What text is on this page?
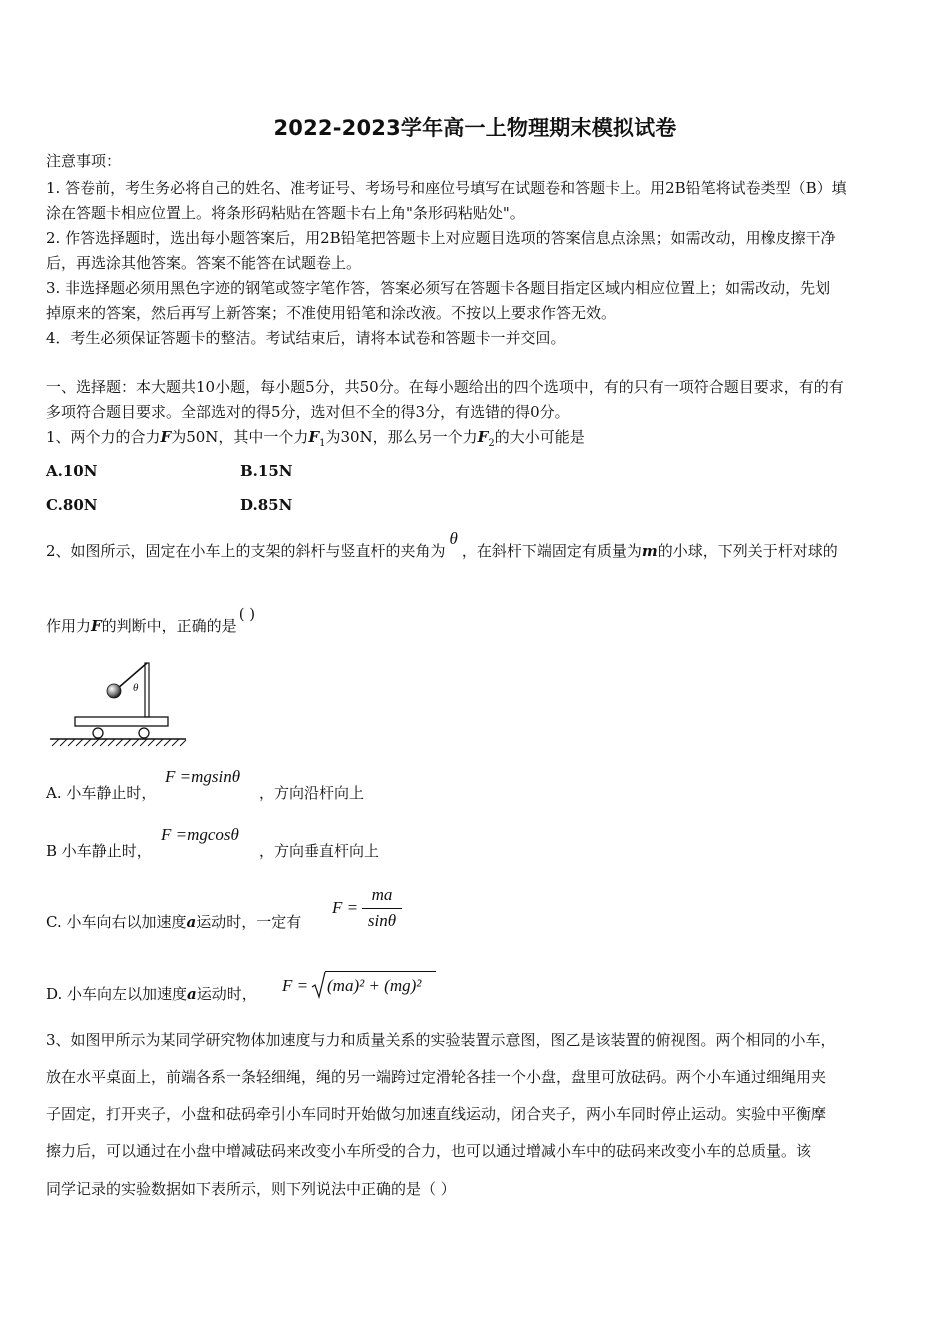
2022-2023学年高一上物理期末模拟试卷
注意事项：
1. 答卷前，考生务必将自己的姓名、准考证号、考场号和座位号填写在试题卷和答题卡上。用2B铅笔将试卷类型（B）填
涂在答题卡相应位置上。将条形码粘贴在答题卡右上角"条形码粘贴处"。
2. 作答选择题时，选出每小题答案后，用2B铅笔把答题卡上对应题目选项的答案信息点涂黑；如需改动，用橡皮擦干净
后，再选涂其他答案。答案不能答在试题卷上。
3. 非选择题必须用黑色字迹的钢笔或签字笔作答，答案必须写在答题卡各题目指定区域内相应位置上；如需改动，先划
掉原来的答案，然后再写上新答案；不准使用铅笔和涂改液。不按以上要求作答无效。
4．考生必须保证答题卡的整洁。考试结束后，请将本试卷和答题卡一并交回。
一、选择题：本大题共10小题，每小题5分，共50分。在每小题给出的四个选项中，有的只有一项符合题目要求，有的有
多项符合题目要求。全部选对的得5分，选对但不全的得3分，有选错的得0分。
1、两个力的合力F为50N，其中一个力$F_1$为30N，那么另一个力$F_2$的大小可能是
A.10N	B.15N
C.80N	D.85N
2、如图所示，固定在小车上的支架的斜杆与竖直杆的夹角为θ，在斜杆下端固定有质量为m的小球，下列关于杆对球的
作用力F的判断中，正确的是( )
θ
A. 小车静止时，
F =mgsinθ
，方向沿杆向上
B 小车静止时，
F =mgcosθ
，方向垂直杆向上
C. 小车向右以加速度a运动时，一定有
F =
ma
sinθ
D. 小车向左以加速度a运动时， F = (ma)² + (mg)²
3、如图甲所示为某同学研究物体加速度与力和质量关系的实验装置示意图，图乙是该装置的俯视图。两个相同的小车，
放在水平桌面上，前端各系一条轻细绳，绳的另一端跨过定滑轮各挂一个小盘，盘里可放砝码。两个小车通过细绳用夹
子固定，打开夹子，小盘和砝码牵引小车同时开始做匀加速直线运动，闭合夹子，两小车同时停止运动。实验中平衡摩
擦力后，可以通过在小盘中增减砝码来改变小车所受的合力，也可以通过增减小车中的砝码来改变小车的总质量。该
同学记录的实验数据如下表所示，则下列说法中正确的是（ ）
